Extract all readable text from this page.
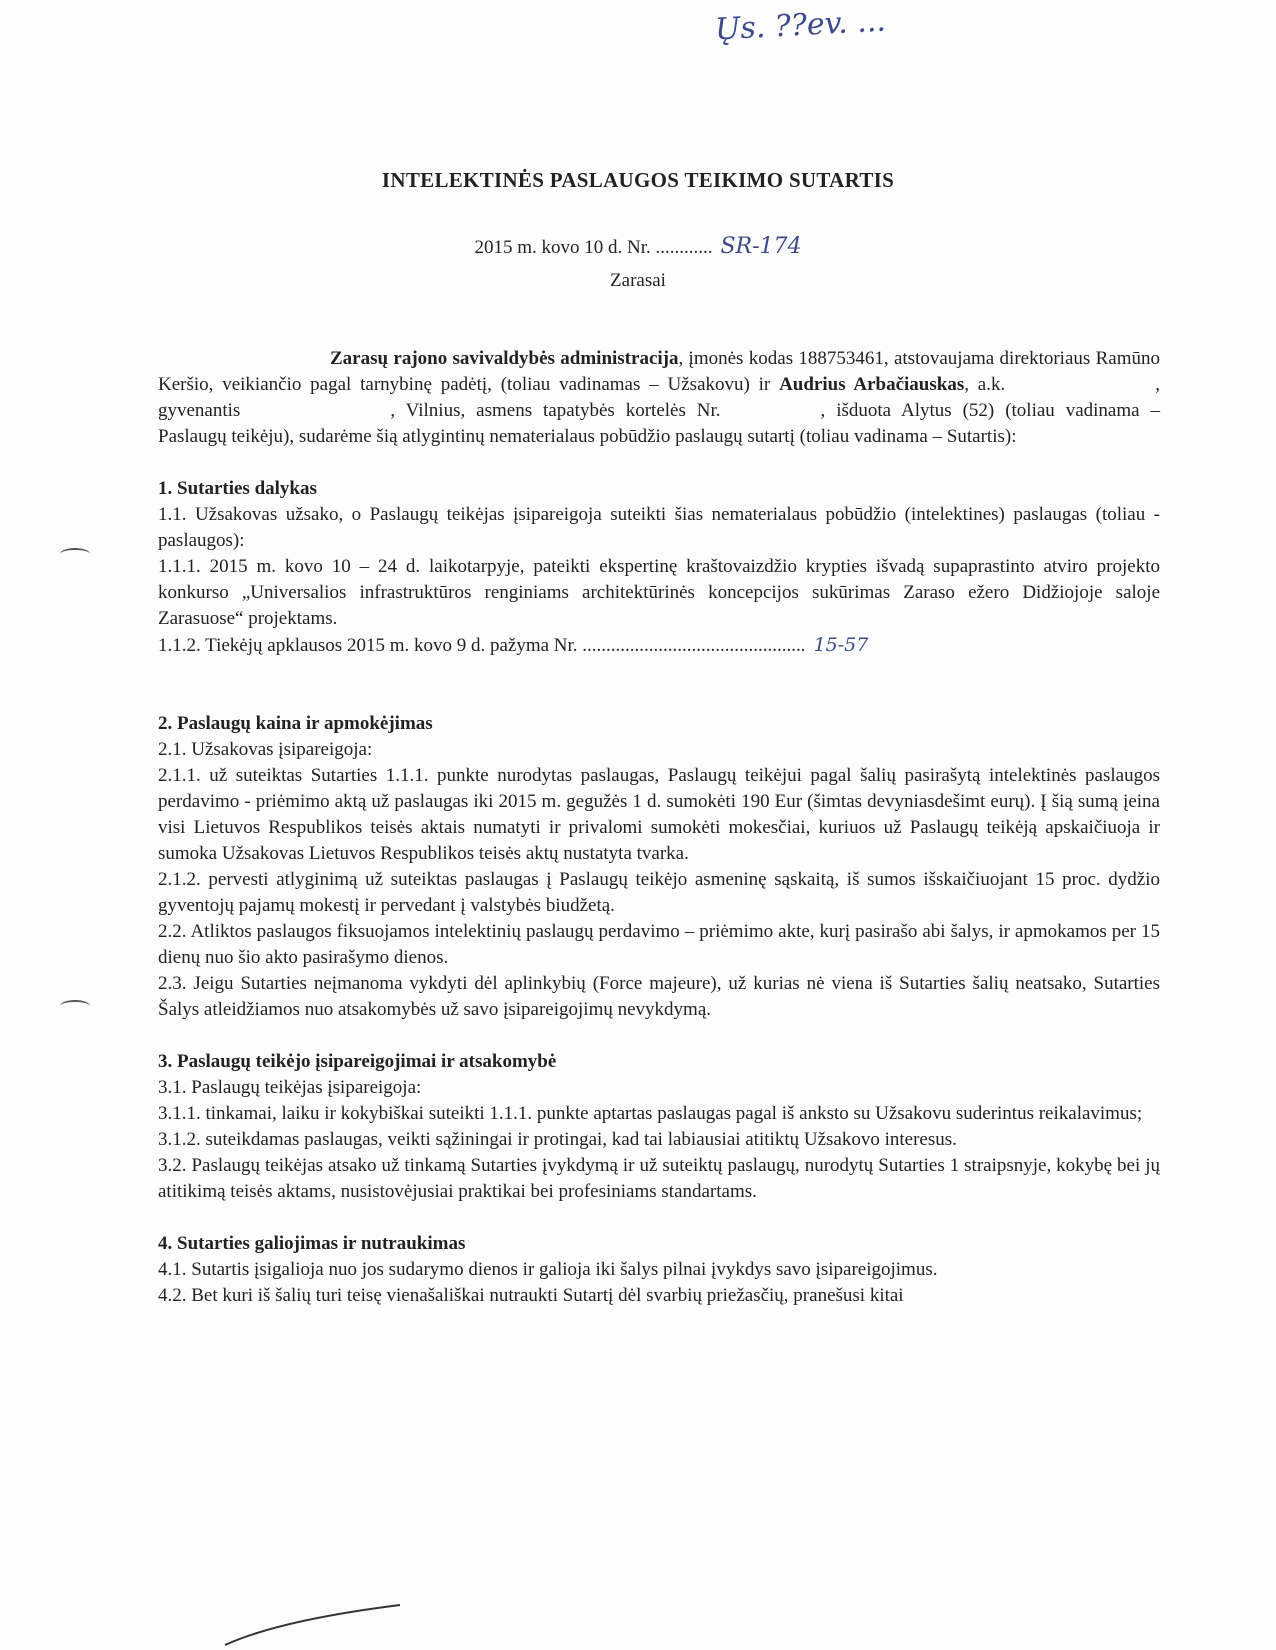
Ųs. ??ev. ...
INTELEKTINĖS PASLAUGOS TEIKIMO SUTARTIS
2015 m. kovo 10 d. Nr. ............ SR-174
Zarasai

Zarasų rajono savivaldybės administracija, įmonės kodas 188753461, atstovaujama direktoriaus Ramūno Keršio, veikiančio pagal tarnybinę padėtį, (toliau vadinamas – Užsakovu) ir Audrius Arbačiauskas, a.k.	, gyvenantis	, Vilnius, asmens tapatybės kortelės Nr.	, išduota Alytus (52) (toliau vadinama – Paslaugų teikėju), sudarėme šią atlygintinų nematerialaus pobūdžio paslaugų sutartį (toliau vadinama – Sutartis):

1. Sutarties dalykas

1.1. Užsakovas užsako, o Paslaugų teikėjas įsipareigoja suteikti šias nematerialaus pobūdžio (intelektines) paslaugas (toliau - paslaugos):

1.1.1. 2015 m. kovo 10 – 24 d. laikotarpyje, pateikti ekspertinę kraštovaizdžio krypties išvadą supaprastinto atviro projekto konkurso „Universalios infrastruktūros renginiams architektūrinės koncepcijos sukūrimas Zaraso ežero Didžiojoje saloje Zarasuose“ projektams.

1.1.2. Tiekėjų apklausos 2015 m. kovo 9 d. pažyma Nr. ............................................... 15-57

2. Paslaugų kaina ir apmokėjimas

2.1. Užsakovas įsipareigoja:

2.1.1. už suteiktas Sutarties 1.1.1. punkte nurodytas paslaugas, Paslaugų teikėjui pagal šalių pasirašytą intelektinės paslaugos perdavimo - priėmimo aktą už paslaugas iki 2015 m. gegužės 1 d. sumokėti 190 Eur (šimtas devyniasdešimt eurų). Į šią sumą įeina visi Lietuvos Respublikos teisės aktais numatyti ir privalomi sumokėti mokesčiai, kuriuos už Paslaugų teikėją apskaičiuoja ir sumoka Užsakovas Lietuvos Respublikos teisės aktų nustatyta tvarka.

2.1.2. pervesti atlyginimą už suteiktas paslaugas į Paslaugų teikėjo asmeninę sąskaitą, iš sumos išskaičiuojant 15 proc. dydžio gyventojų pajamų mokestį ir pervedant į valstybės biudžetą.

2.2. Atliktos paslaugos fiksuojamos intelektinių paslaugų perdavimo – priėmimo akte, kurį pasirašo abi šalys, ir apmokamos per 15 dienų nuo šio akto pasirašymo dienos.

2.3. Jeigu Sutarties neįmanoma vykdyti dėl aplinkybių (Force majeure), už kurias nė viena iš Sutarties šalių neatsako, Sutarties Šalys atleidžiamos nuo atsakomybės už savo įsipareigojimų nevykdymą.

3. Paslaugų teikėjo įsipareigojimai ir atsakomybė

3.1. Paslaugų teikėjas įsipareigoja:

3.1.1. tinkamai, laiku ir kokybiškai suteikti 1.1.1. punkte aptartas paslaugas pagal iš anksto su Užsakovu suderintus reikalavimus;

3.1.2. suteikdamas paslaugas, veikti sąžiningai ir protingai, kad tai labiausiai atitiktų Užsakovo interesus.

3.2. Paslaugų teikėjas atsako už tinkamą Sutarties įvykdymą ir už suteiktų paslaugų, nurodytų Sutarties 1 straipsnyje, kokybę bei jų atitikimą teisės aktams, nusistovėjusiai praktikai bei profesiniams standartams.

4. Sutarties galiojimas ir nutraukimas

4.1. Sutartis įsigalioja nuo jos sudarymo dienos ir galioja iki šalys pilnai įvykdys savo įsipareigojimus.

4.2. Bet kuri iš šalių turi teisę vienašališkai nutraukti Sutartį dėl svarbių priežasčių, pranešusi kitai
